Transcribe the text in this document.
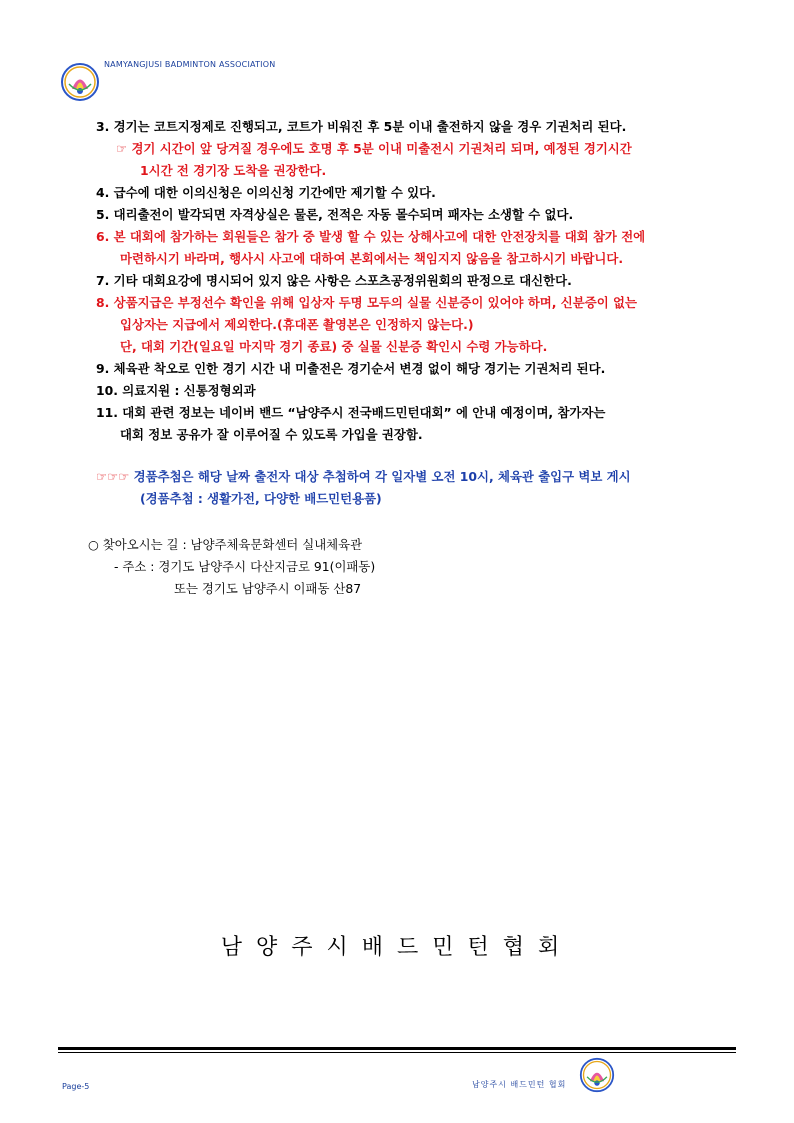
NAMYANGJUSI BADMINTON ASSOCIATION
3. 경기는 코트지정제로 진행되고, 코트가 비워진 후 5분 이내 출전하지 않을 경우 기권처리 된다.
☞ 경기 시간이 앞 당겨질 경우에도 호명 후 5분 이내 미출전시 기권처리 되며, 예정된 경기시간
1시간 전 경기장 도착을 권장한다.
4. 급수에 대한 이의신청은 이의신청 기간에만 제기할 수 있다.
5. 대리출전이 발각되면 자격상실은 물론, 전적은 자동 몰수되며 패자는 소생할 수 없다.
6. 본 대회에 참가하는 회원들은 참가 중 발생 할 수 있는 상해사고에 대한 안전장치를 대회 참가 전에
마련하시기 바라며, 행사시 사고에 대하여 본회에서는 책임지지 않음을 참고하시기 바랍니다.
7. 기타 대회요강에 명시되어 있지 않은 사항은 스포츠공정위원회의 판정으로 대신한다.
8. 상품지급은 부정선수 확인을 위해 입상자 두명 모두의 실물 신분증이 있어야 하며, 신분증이 없는
입상자는 지급에서 제외한다.(휴대폰 촬영본은 인정하지 않는다.)
단, 대회 기간(일요일 마지막 경기 종료) 중 실물 신분증 확인시 수령 가능하다.
9. 체육관 착오로 인한 경기 시간 내 미출전은 경기순서 변경 없이 해당 경기는 기권처리 된다.
10. 의료지원 : 신통정형외과
11. 대회 관련 정보는 네이버 밴드 “남양주시 전국배드민턴대회” 에 안내 예정이며, 참가자는
대회 정보 공유가 잘 이루어질 수 있도록 가입을 권장함.
☞☞☞ 경품추첨은 해당 날짜 출전자 대상 추첨하여 각 일자별 오전 10시, 체육관 출입구 벽보 게시
(경품추첨 : 생활가전, 다양한 배드민턴용품)
○ 찾아오시는 길 : 남양주체육문화센터 실내체육관
- 주소 : 경기도 남양주시 다산지금로 91(이패동)
또는 경기도 남양주시 이패동 산87
남양주시배드민턴협회
Page-5	남양주시 배드민턴 협회
